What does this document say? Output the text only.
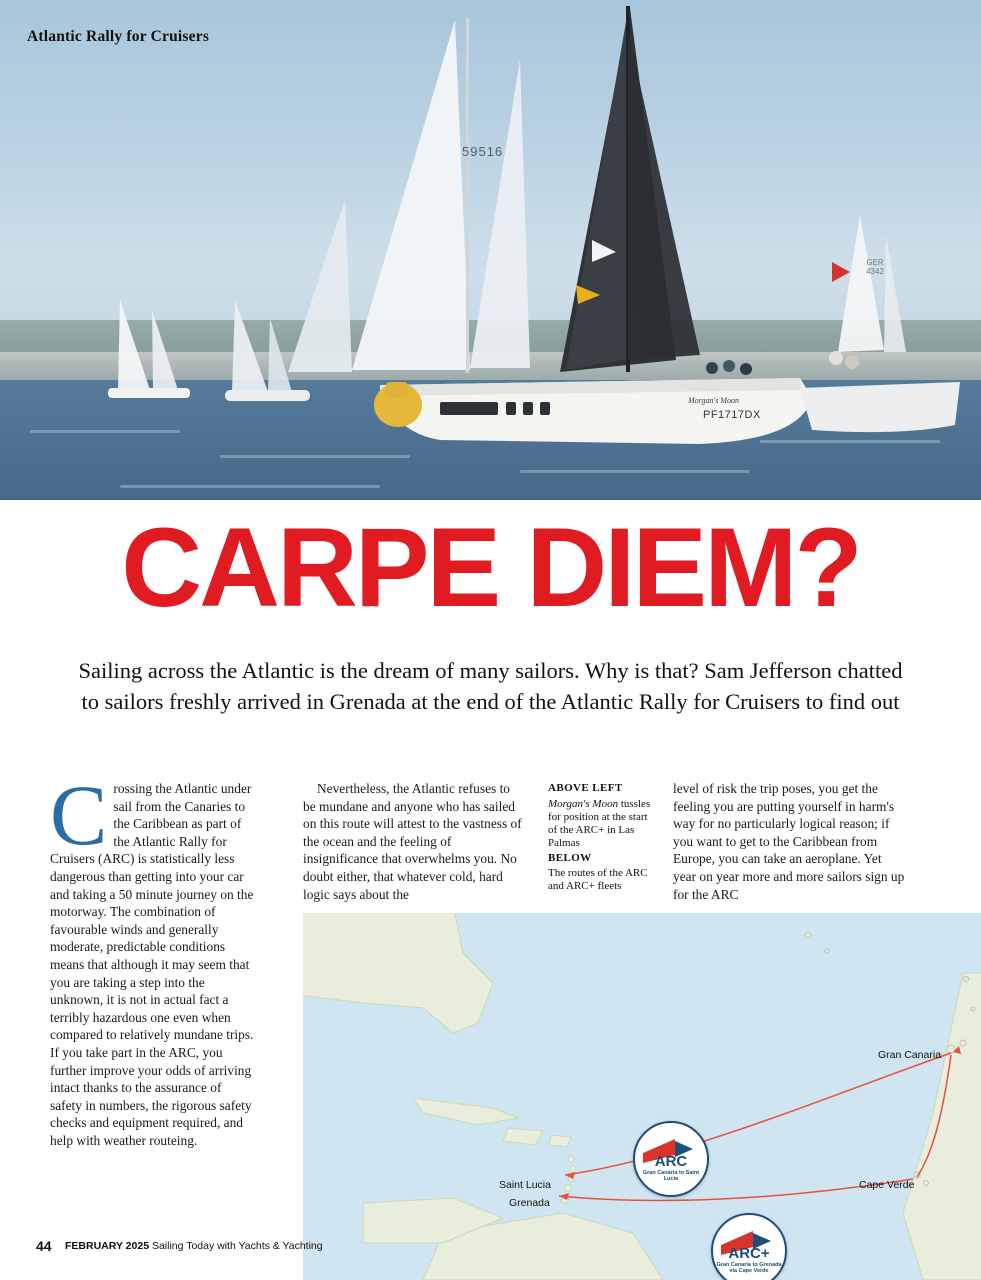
59516
GER 4342
PF1717DX
Morgan's Moon
Atlantic Rally for Cruisers
CARPE DIEM?
Sailing across the Atlantic is the dream of many sailors. Why is that? Sam Jefferson chatted to sailors freshly arrived in Grenada at the end of the Atlantic Rally for Cruisers to find out
C rossing the Atlantic under sail from the Canaries to the Caribbean as part of the Atlantic Rally for Cruisers (ARC) is statistically less dangerous than getting into your car and taking a 50 minute journey on the motorway. The combination of favourable winds and generally moderate, predictable conditions means that although it may seem that you are taking a step into the unknown, it is not in actual fact a terribly hazardous one even when compared to relatively mundane trips. If you take part in the ARC, you further improve your odds of arriving intact thanks to the assurance of safety in numbers, the rigorous safety checks and equipment required, and help with weather routeing.

Nevertheless, the Atlantic refuses to be mundane and anyone who has sailed on this route will attest to the vastness of the ocean and the feeling of insignificance that overwhelms you. No doubt either, that whatever cold, hard logic says about the

ABOVE LEFT

Morgan's Moon tussles for position at the start of the ARC+ in Las Palmas

BELOW

The routes of the ARC and ARC+ fleets

level of risk the trip poses, you get the feeling you are putting yourself in harm's way for no particularly logical reason; if you want to get to the Caribbean from Europe, you can take an aeroplane. Yet year on year more and more sailors sign up for the ARC

Gran Canaria
Cape Verde
Saint Lucia
Grenada
ARC
Gran Canaria to Saint Lucia
ARC+
Gran Canaria to Grenada via Cape Verde
44 FEBRUARY 2025 Sailing Today with Yachts & Yachting
